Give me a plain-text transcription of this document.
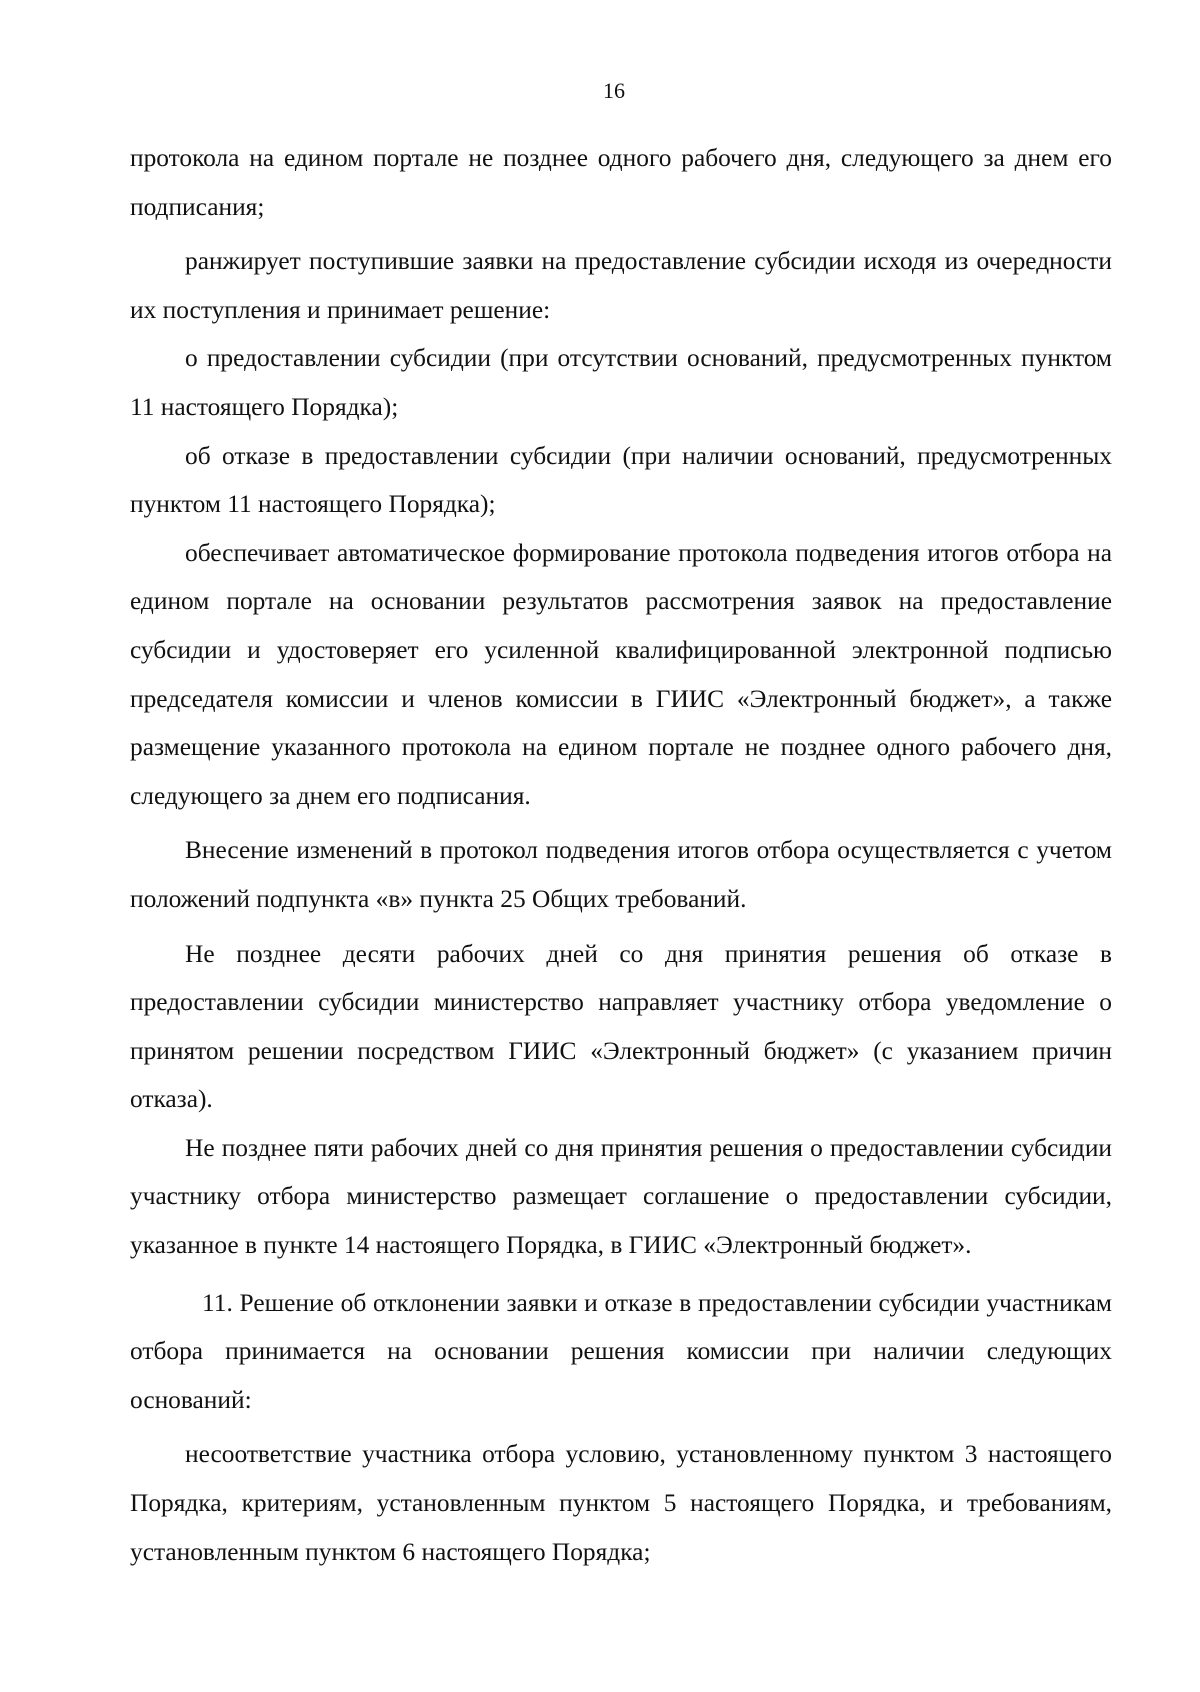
16

протокола на едином портале не позднее одного рабочего дня, следующего за днем его подписания;

ранжирует поступившие заявки на предоставление субсидии исходя из очередности их поступления и принимает решение:

о предоставлении субсидии (при отсутствии оснований, предусмотренных пунктом 11 настоящего Порядка);

об отказе в предоставлении субсидии (при наличии оснований, предусмотренных пунктом 11 настоящего Порядка);

обеспечивает автоматическое формирование протокола подведения итогов отбора на едином портале на основании результатов рассмотрения заявок на предоставление субсидии и удостоверяет его усиленной квалифицированной электронной подписью председателя комиссии и членов комиссии в ГИИС «Электронный бюджет», а также размещение указанного протокола на едином портале не позднее одного рабочего дня, следующего за днем его подписания.

Внесение изменений в протокол подведения итогов отбора осуществляется с учетом положений подпункта «в» пункта 25 Общих требований.

Не позднее десяти рабочих дней со дня принятия решения об отказе в предоставлении субсидии министерство направляет участнику отбора уведомление о принятом решении посредством ГИИС «Электронный бюджет» (с указанием причин отказа).

Не позднее пяти рабочих дней со дня принятия решения о предоставлении субсидии участнику отбора министерство размещает соглашение о предоставлении субсидии, указанное в пункте 14 настоящего Порядка, в ГИИС «Электронный бюджет».

11. Решение об отклонении заявки и отказе в предоставлении субсидии участникам отбора принимается на основании решения комиссии при наличии следующих оснований:

несоответствие участника отбора условию, установленному пунктом 3 настоящего Порядка, критериям, установленным пунктом 5 настоящего Порядка, и требованиям, установленным пунктом 6 настоящего Порядка;
